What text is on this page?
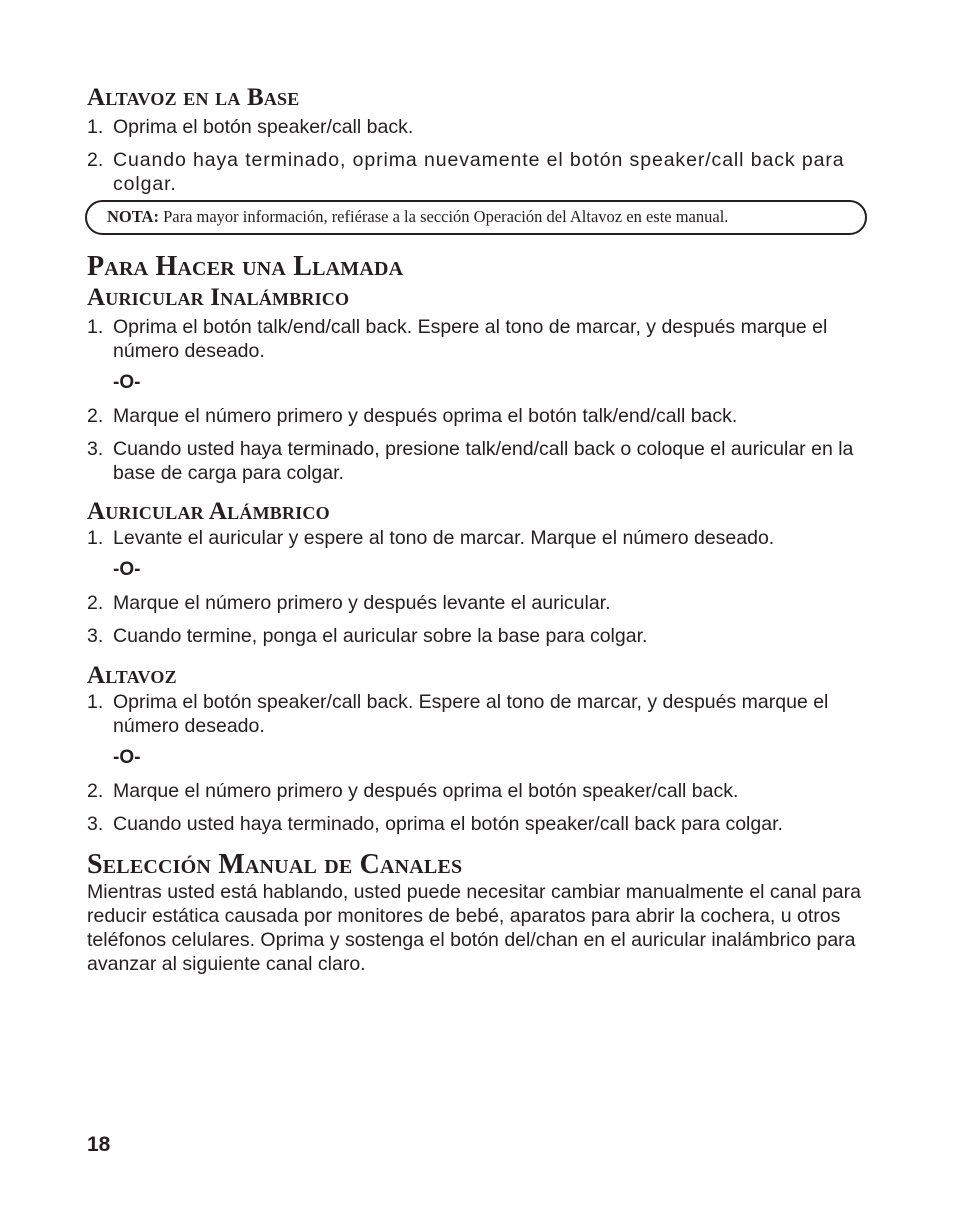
Altavoz en la Base
1. Oprima el botón speaker/call back.
2. Cuando haya terminado, oprima nuevamente el botón speaker/call back para colgar.
NOTA: Para mayor información, refiérase a la sección Operación del Altavoz en este manual.
Para Hacer una Llamada
Auricular Inalámbrico
1. Oprima el botón talk/end/call back. Espere al tono de marcar, y después marque el número deseado.
-O-
2. Marque el número primero y después oprima el botón talk/end/call back.
3. Cuando usted haya terminado, presione talk/end/call back o coloque el auricular en la base de carga para colgar.
Auricular Alámbrico
1. Levante el auricular y espere al tono de marcar. Marque el número deseado.
-O-
2. Marque el número primero y después levante el auricular.
3. Cuando termine, ponga el auricular sobre la base para colgar.
Altavoz
1. Oprima el botón speaker/call back. Espere al tono de marcar, y después marque el número deseado.
-O-
2. Marque el número primero y después oprima el botón speaker/call back.
3. Cuando usted haya terminado, oprima el botón speaker/call back para colgar.
Selección Manual de Canales

Mientras usted está hablando, usted puede necesitar cambiar manualmente el canal para reducir estática causada por monitores de bebé, aparatos para abrir la cochera, u otros teléfonos celulares. Oprima y sostenga el botón del/chan en el auricular inalámbrico para avanzar al siguiente canal claro.

18
